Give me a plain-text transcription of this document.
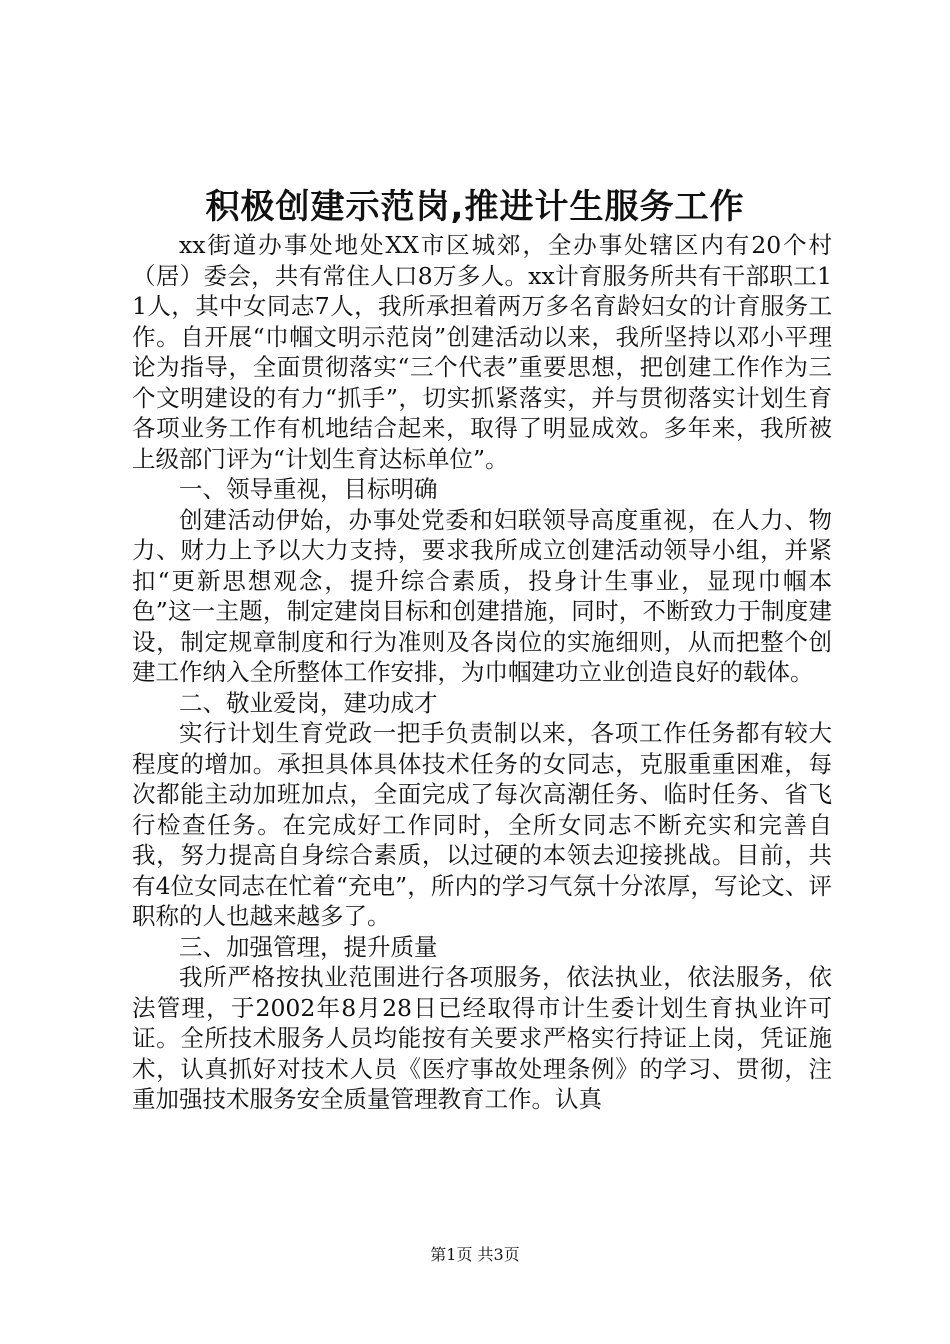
积极创建示范岗,推进计生服务工作

xx街道办事处地处XX市区城郊，全办事处辖区内有20个村（居）委会，共有常住人口8万多人。xx计育服务所共有干部职工11人，其中女同志7人，我所承担着两万多名育龄妇女的计育服务工作。自开展“巾帼文明示范岗”创建活动以来，我所坚持以邓小平理论为指导，全面贯彻落实“三个代表”重要思想，把创建工作作为三个文明建设的有力“抓手”，切实抓紧落实，并与贯彻落实计划生育各项业务工作有机地结合起来，取得了明显成效。多年来，我所被上级部门评为“计划生育达标单位”。

一、领导重视，目标明确

创建活动伊始，办事处党委和妇联领导高度重视，在人力、物力、财力上予以大力支持，要求我所成立创建活动领导小组，并紧扣“更新思想观念，提升综合素质，投身计生事业，显现巾帼本色”这一主题，制定建岗目标和创建措施，同时，不断致力于制度建设，制定规章制度和行为准则及各岗位的实施细则，从而把整个创建工作纳入全所整体工作安排，为巾帼建功立业创造良好的载体。

二、敬业爱岗，建功成才

实行计划生育党政一把手负责制以来，各项工作任务都有较大程度的增加。承担具体具体技术任务的女同志，克服重重困难，每次都能主动加班加点，全面完成了每次高潮任务、临时任务、省飞行检查任务。在完成好工作同时，全所女同志不断充实和完善自我，努力提高自身综合素质，以过硬的本领去迎接挑战。目前，共有4位女同志在忙着“充电”，所内的学习气氛十分浓厚，写论文、评职称的人也越来越多了。

三、加强管理，提升质量

我所严格按执业范围进行各项服务，依法执业，依法服务，依法管理，于2002年8月28日已经取得市计生委计划生育执业许可证。全所技术服务人员均能按有关要求严格实行持证上岗，凭证施术，认真抓好对技术人员《医疗事故处理条例》的学习、贯彻，注重加强技术服务安全质量管理教育工作。认真

第1页 共3页
